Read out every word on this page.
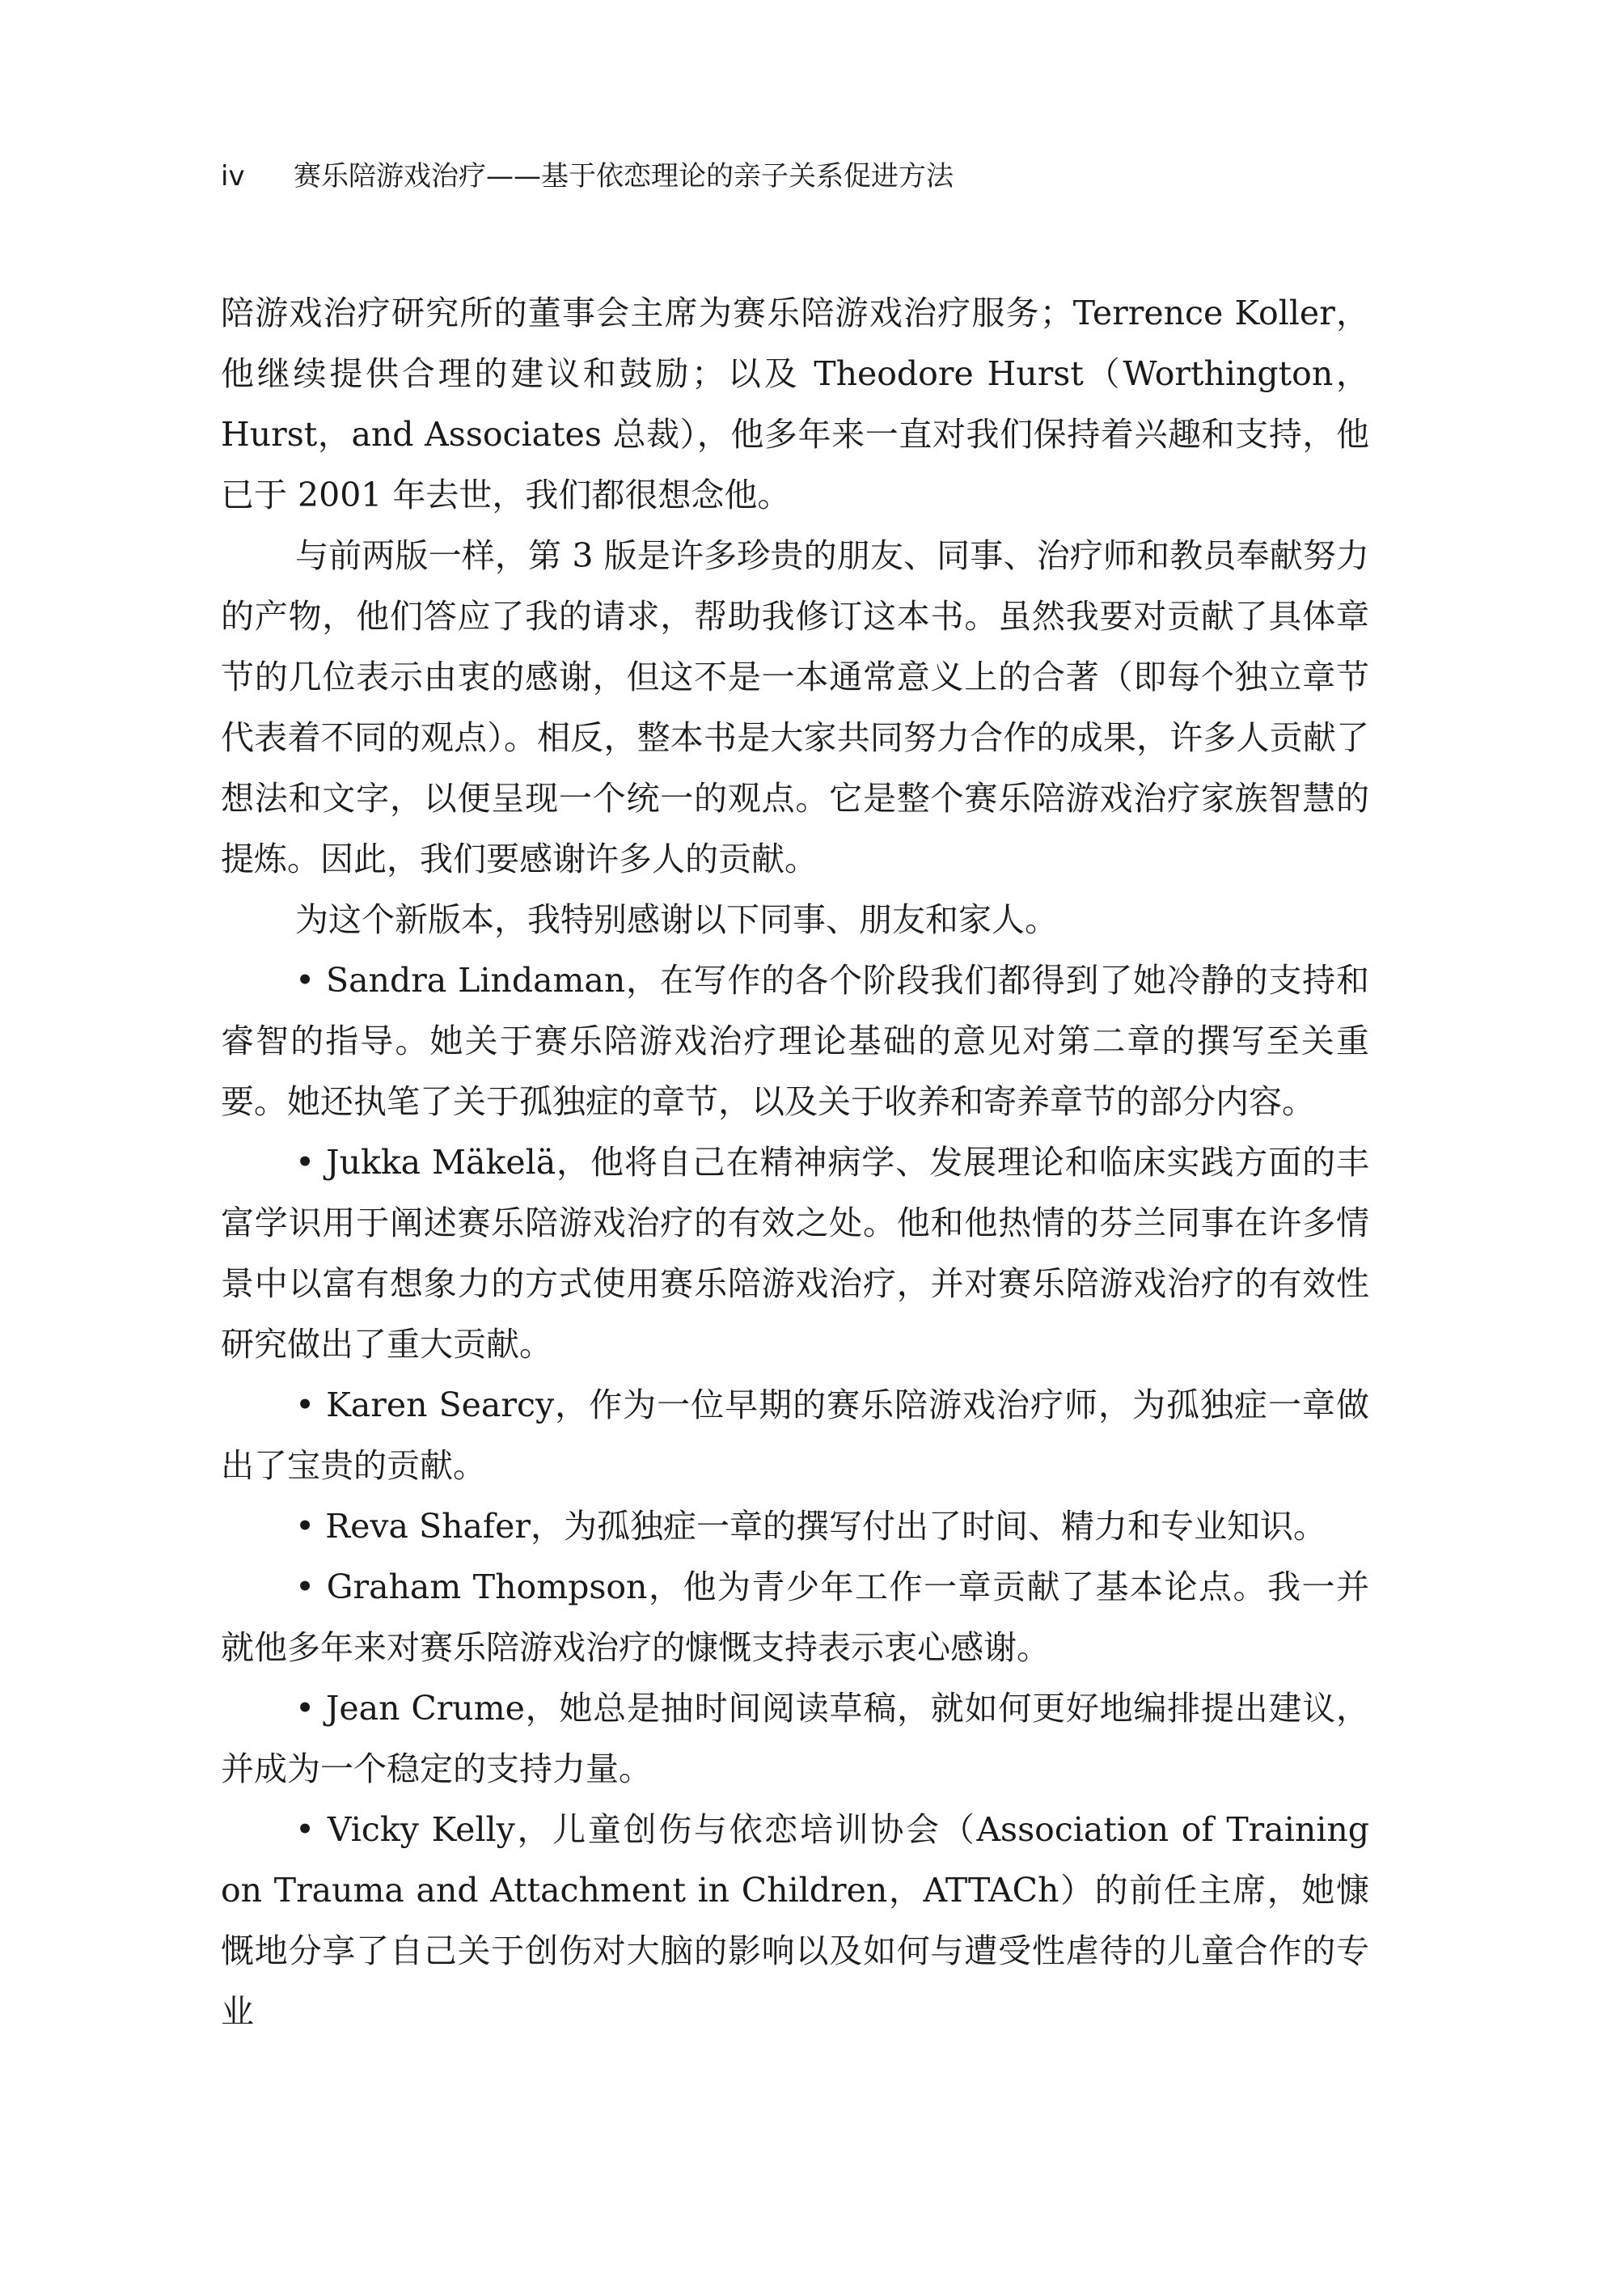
iv 赛乐陪游戏治疗——基于依恋理论的亲子关系促进方法

陪游戏治疗研究所的董事会主席为赛乐陪游戏治疗服务；Terrence Koller，他继续提供合理的建议和鼓励；以及 Theodore Hurst（Worthington，Hurst，and Associates 总裁），他多年来一直对我们保持着兴趣和支持，他已于 2001 年去世，我们都很想念他。

与前两版一样，第 3 版是许多珍贵的朋友、同事、治疗师和教员奉献努力的产物，他们答应了我的请求，帮助我修订这本书。虽然我要对贡献了具体章节的几位表示由衷的感谢，但这不是一本通常意义上的合著（即每个独立章节代表着不同的观点）。相反，整本书是大家共同努力合作的成果，许多人贡献了想法和文字，以便呈现一个统一的观点。它是整个赛乐陪游戏治疗家族智慧的提炼。因此，我们要感谢许多人的贡献。

为这个新版本，我特别感谢以下同事、朋友和家人。

• Sandra Lindaman，在写作的各个阶段我们都得到了她冷静的支持和睿智的指导。她关于赛乐陪游戏治疗理论基础的意见对第二章的撰写至关重要。她还执笔了关于孤独症的章节，以及关于收养和寄养章节的部分内容。

• Jukka Mäkelä，他将自己在精神病学、发展理论和临床实践方面的丰富学识用于阐述赛乐陪游戏治疗的有效之处。他和他热情的芬兰同事在许多情景中以富有想象力的方式使用赛乐陪游戏治疗，并对赛乐陪游戏治疗的有效性研究做出了重大贡献。

• Karen Searcy，作为一位早期的赛乐陪游戏治疗师，为孤独症一章做出了宝贵的贡献。

• Reva Shafer，为孤独症一章的撰写付出了时间、精力和专业知识。

• Graham Thompson，他为青少年工作一章贡献了基本论点。我一并就他多年来对赛乐陪游戏治疗的慷慨支持表示衷心感谢。

• Jean Crume，她总是抽时间阅读草稿，就如何更好地编排提出建议，并成为一个稳定的支持力量。

• Vicky Kelly，儿童创伤与依恋培训协会（Association of Training on Trauma and Attachment in Children，ATTACh）的前任主席，她慷慨地分享了自己关于创伤对大脑的影响以及如何与遭受性虐待的儿童合作的专业
